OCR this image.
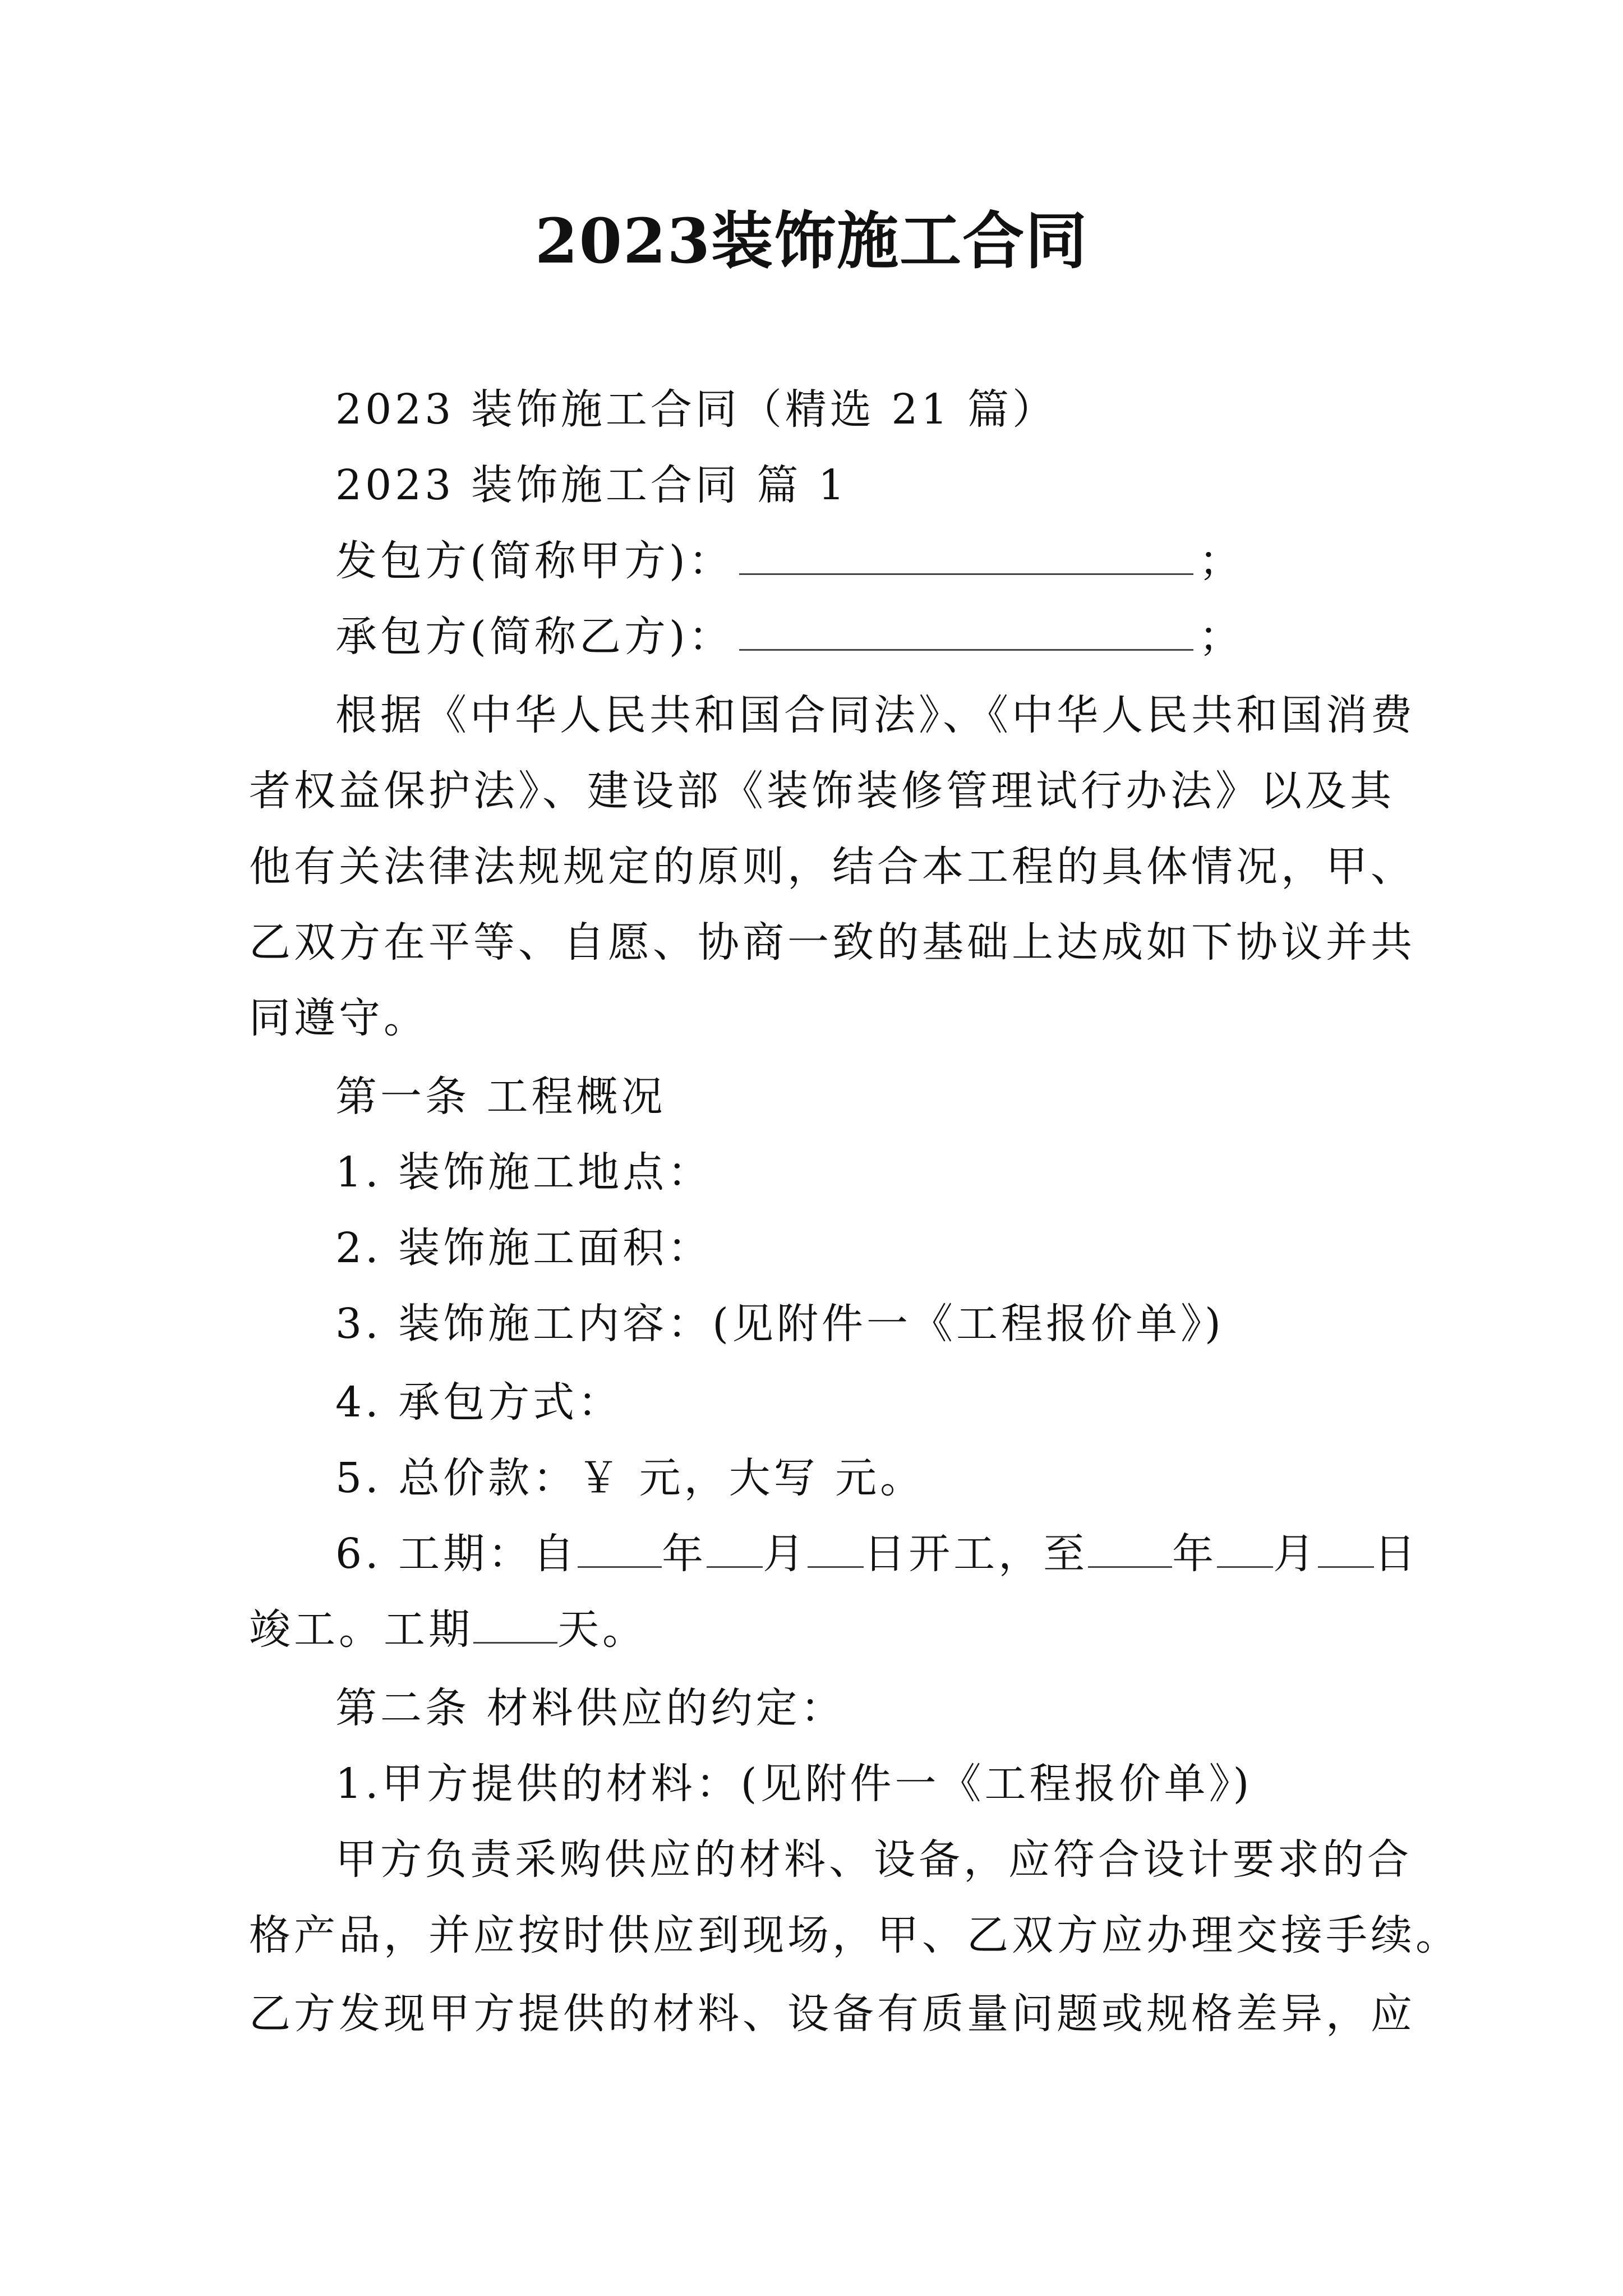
2023装饰施工合同
2023 装饰施工合同（精选 21 篇）
2023 装饰施工合同 篇 1
发包方(简称甲方)：	；
承包方(简称乙方)：	；
根据《中华人民共和国合同法》、《中华人民共和国消费
者权益保护法》、建设部《装饰装修管理试行办法》以及其
他有关法律法规规定的原则，结合本工程的具体情况，甲、
乙双方在平等、自愿、协商一致的基础上达成如下协议并共
同遵守。
第一条 工程概况
1. 装饰施工地点：
2. 装饰施工面积：
3. 装饰施工内容：(见附件一《工程报价单》)
4. 承包方式：
5. 总价款：￥ 元，大写 元。
6. 工期：自 年 月 日开工，至 年 月 日
竣工。工期 天。
第二条 材料供应的约定：
1.甲方提供的材料：(见附件一《工程报价单》)
甲方负责采购供应的材料、设备，应符合设计要求的合
格产品，并应按时供应到现场，甲、乙双方应办理交接手续。
乙方发现甲方提供的材料、设备有质量问题或规格差异，应
